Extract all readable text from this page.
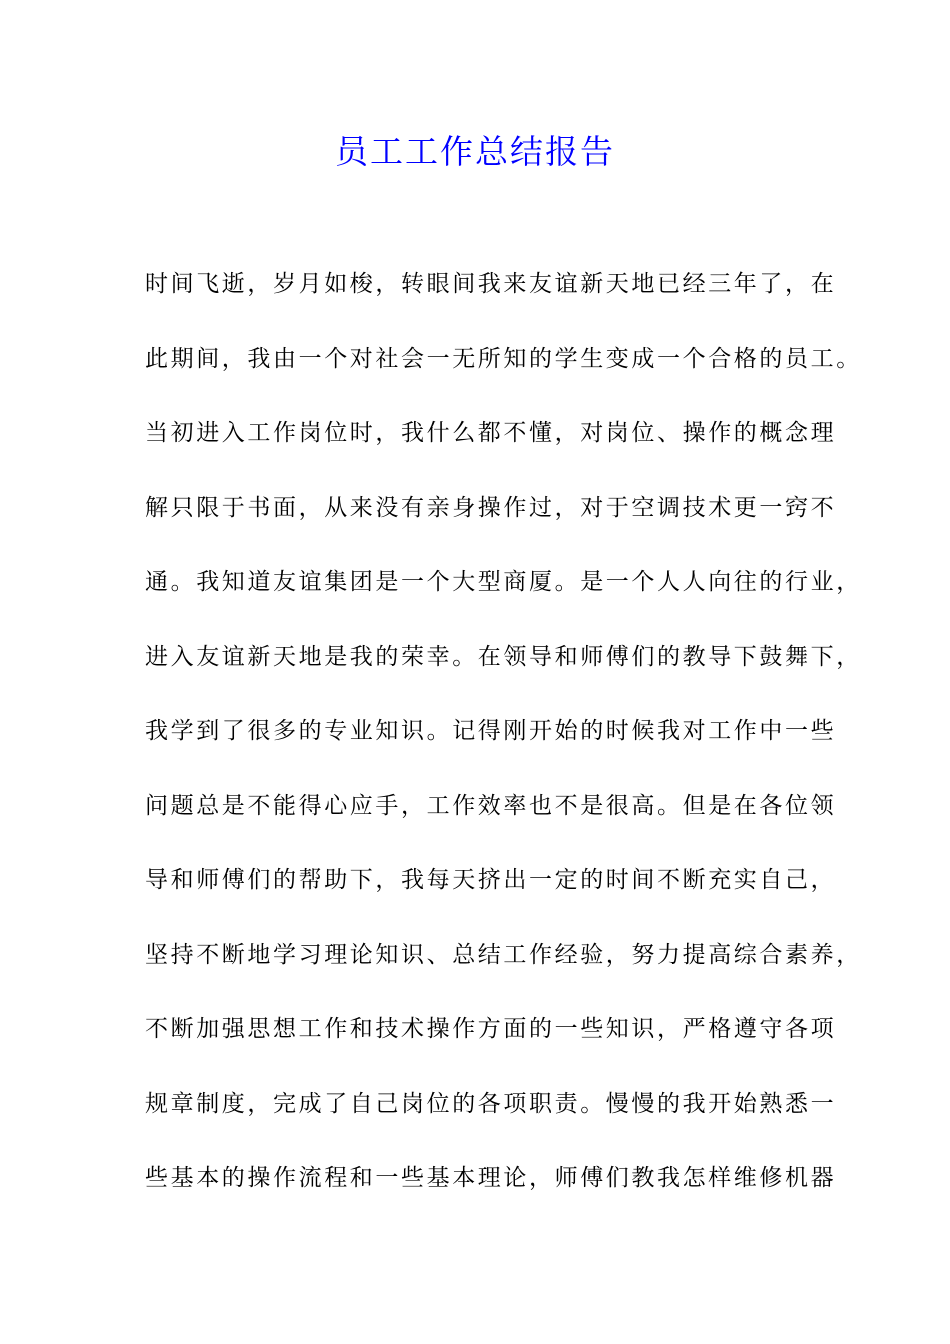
员工工作总结报告
时间飞逝，岁月如梭，转眼间我来友谊新天地已经三年了，在
此期间，我由一个对社会一无所知的学生变成一个合格的员工。
当初进入工作岗位时，我什么都不懂，对岗位、操作的概念理
解只限于书面，从来没有亲身操作过，对于空调技术更一窍不
通。我知道友谊集团是一个大型商厦。是一个人人向往的行业，
进入友谊新天地是我的荣幸。在领导和师傅们的教导下鼓舞下，
我学到了很多的专业知识。记得刚开始的时候我对工作中一些
问题总是不能得心应手，工作效率也不是很高。但是在各位领
导和师傅们的帮助下，我每天挤出一定的时间不断充实自己，
坚持不断地学习理论知识、总结工作经验，努力提高综合素养，
不断加强思想工作和技术操作方面的一些知识，严格遵守各项
规章制度，完成了自己岗位的各项职责。慢慢的我开始熟悉一
些基本的操作流程和一些基本理论，师傅们教我怎样维修机器
